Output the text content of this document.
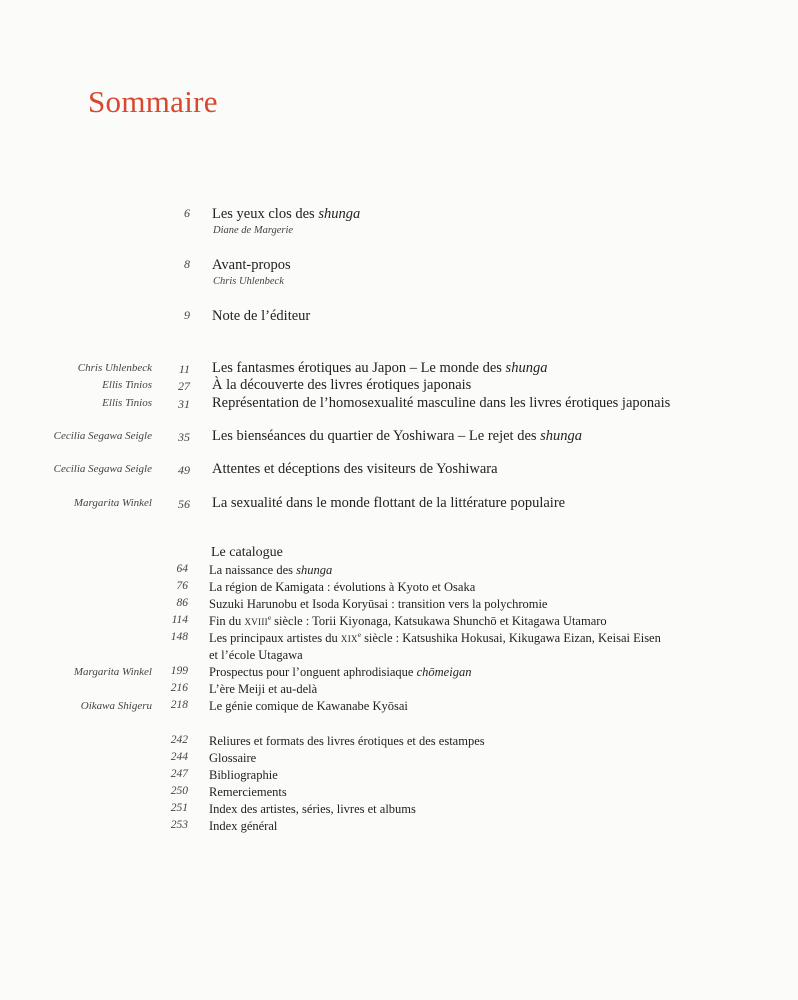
Sommaire
6 Les yeux clos des shunga
Diane de Margerie
8 Avant-propos
Chris Uhlenbeck
9 Note de l’éditeur
Chris Uhlenbeck 11 Les fantasmes érotiques au Japon – Le monde des shunga
Ellis Tinios 27 À la découverte des livres érotiques japonais
Ellis Tinios 31 Représentation de l’homosexualité masculine dans les livres érotiques japonais
Cecilia Segawa Seigle 35 Les bienséances du quartier de Yoshiwara – Le rejet des shunga
Cecilia Segawa Seigle 49 Attentes et déceptions des visiteurs de Yoshiwara
Margarita Winkel 56 La sexualité dans le monde flottant de la littérature populaire
Le catalogue
64 La naissance des shunga
76 La région de Kamigata : évolutions à Kyoto et Osaka
86 Suzuki Harunobu et Isoda Koryūsai : transition vers la polychromie
114 Fin du xviii$^e$ siècle : Torii Kiyonaga, Katsukawa Shunchō et Kitagawa Utamaro
148 Les principaux artistes du xix$^e$ siècle : Katsushika Hokusai, Kikugawa Eizan, Keisai Eisen
et l’école Utagawa
Margarita Winkel 199 Prospectus pour l’onguent aphrodisiaque chōmeigan
216 L’ère Meiji et au-delà
Oikawa Shigeru 218 Le génie comique de Kawanabe Kyōsai
242 Reliures et formats des livres érotiques et des estampes
244 Glossaire
247 Bibliographie
250 Remerciements
251 Index des artistes, séries, livres et albums
253 Index général
